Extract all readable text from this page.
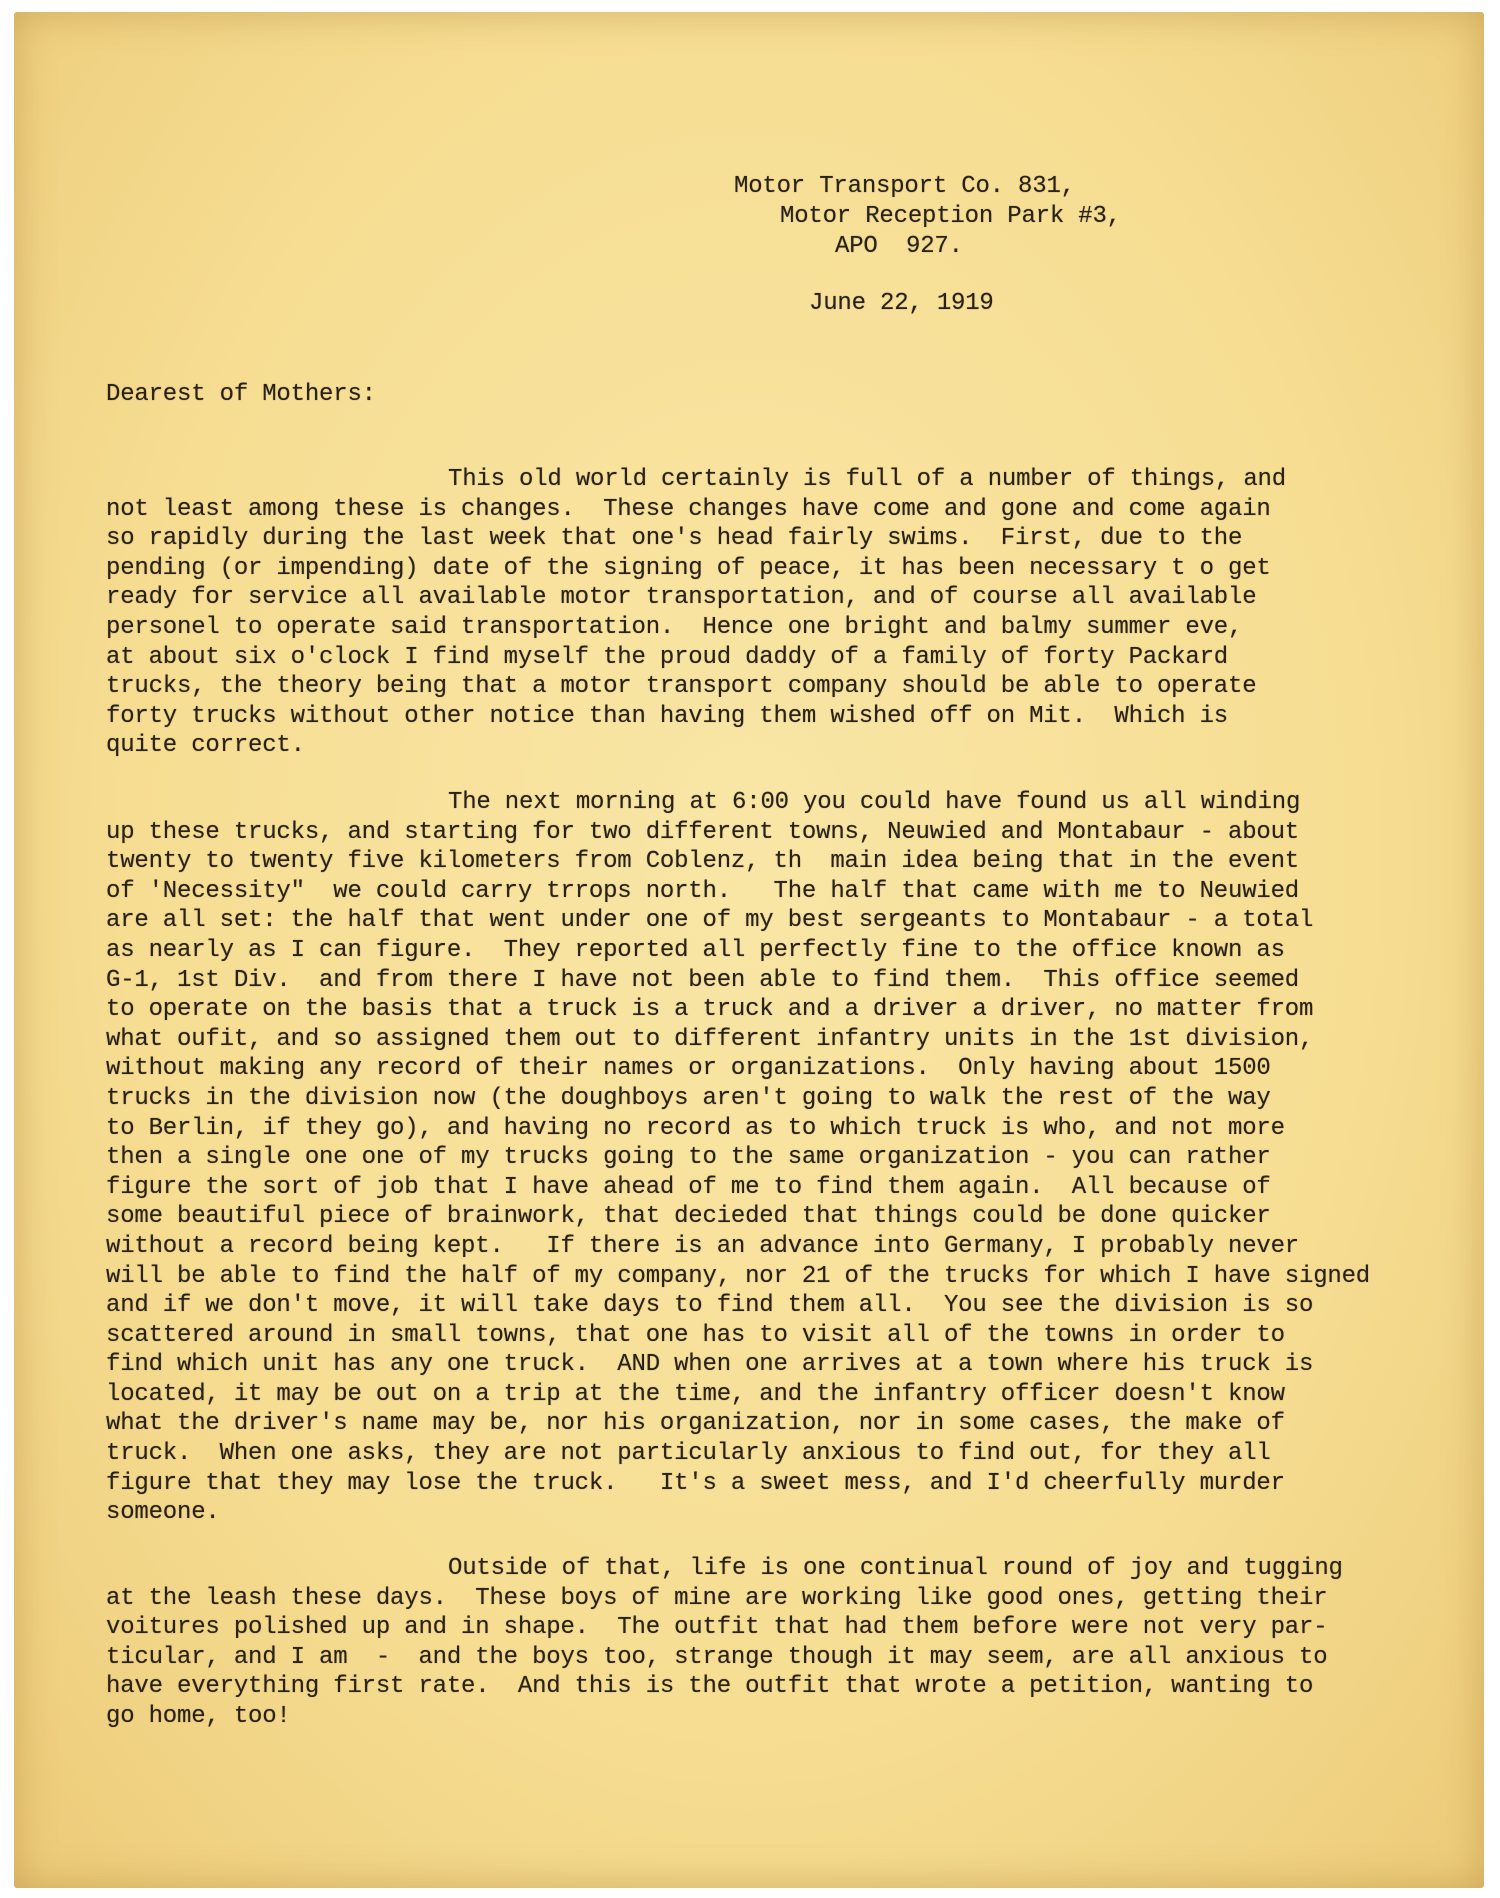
Motor Transport Co. 831,
Motor Reception Park #3,
APO  927.
June 22, 1919
Dearest of Mothers:
This old world certainly is full of a number of things, and
not least among these is changes.  These changes have come and gone and come again
so rapidly during the last week that one's head fairly swims.  First, due to the
pending (or impending) date of the signing of peace, it has been necessary t o get
ready for service all available motor transportation, and of course all available
personel to operate said transportation.  Hence one bright and balmy summer eve,
at about six o'clock I find myself the proud daddy of a family of forty Packard
trucks, the theory being that a motor transport company should be able to operate
forty trucks without other notice than having them wished off on Mit.  Which is
quite correct.
The next morning at 6:00 you could have found us all winding
up these trucks, and starting for two different towns, Neuwied and Montabaur - about
twenty to twenty five kilometers from Coblenz, th  main idea being that in the event
of 'Necessity"  we could carry trrops north.   The half that came with me to Neuwied
are all set: the half that went under one of my best sergeants to Montabaur - a total
as nearly as I can figure.  They reported all perfectly fine to the office known as
G-1, 1st Div.  and from there I have not been able to find them.  This office seemed
to operate on the basis that a truck is a truck and a driver a driver, no matter from
what oufit, and so assigned them out to different infantry units in the 1st division,
without making any record of their names or organizations.  Only having about 1500
trucks in the division now (the doughboys aren't going to walk the rest of the way
to Berlin, if they go), and having no record as to which truck is who, and not more
then a single one one of my trucks going to the same organization - you can rather
figure the sort of job that I have ahead of me to find them again.  All because of
some beautiful piece of brainwork, that decieded that things could be done quicker
without a record being kept.   If there is an advance into Germany, I probably never
will be able to find the half of my company, nor 21 of the trucks for which I have signed
and if we don't move, it will take days to find them all.  You see the division is so
scattered around in small towns, that one has to visit all of the towns in order to
find which unit has any one truck.  AND when one arrives at a town where his truck is
located, it may be out on a trip at the time, and the infantry officer doesn't know
what the driver's name may be, nor his organization, nor in some cases, the make of
truck.  When one asks, they are not particularly anxious to find out, for they all
figure that they may lose the truck.   It's a sweet mess, and I'd cheerfully murder
someone.
Outside of that, life is one continual round of joy and tugging
at the leash these days.  These boys of mine are working like good ones, getting their
voitures polished up and in shape.  The outfit that had them before were not very par-
ticular, and I am  -  and the boys too, strange though it may seem, are all anxious to
have everything first rate.  And this is the outfit that wrote a petition, wanting to
go home, too!
